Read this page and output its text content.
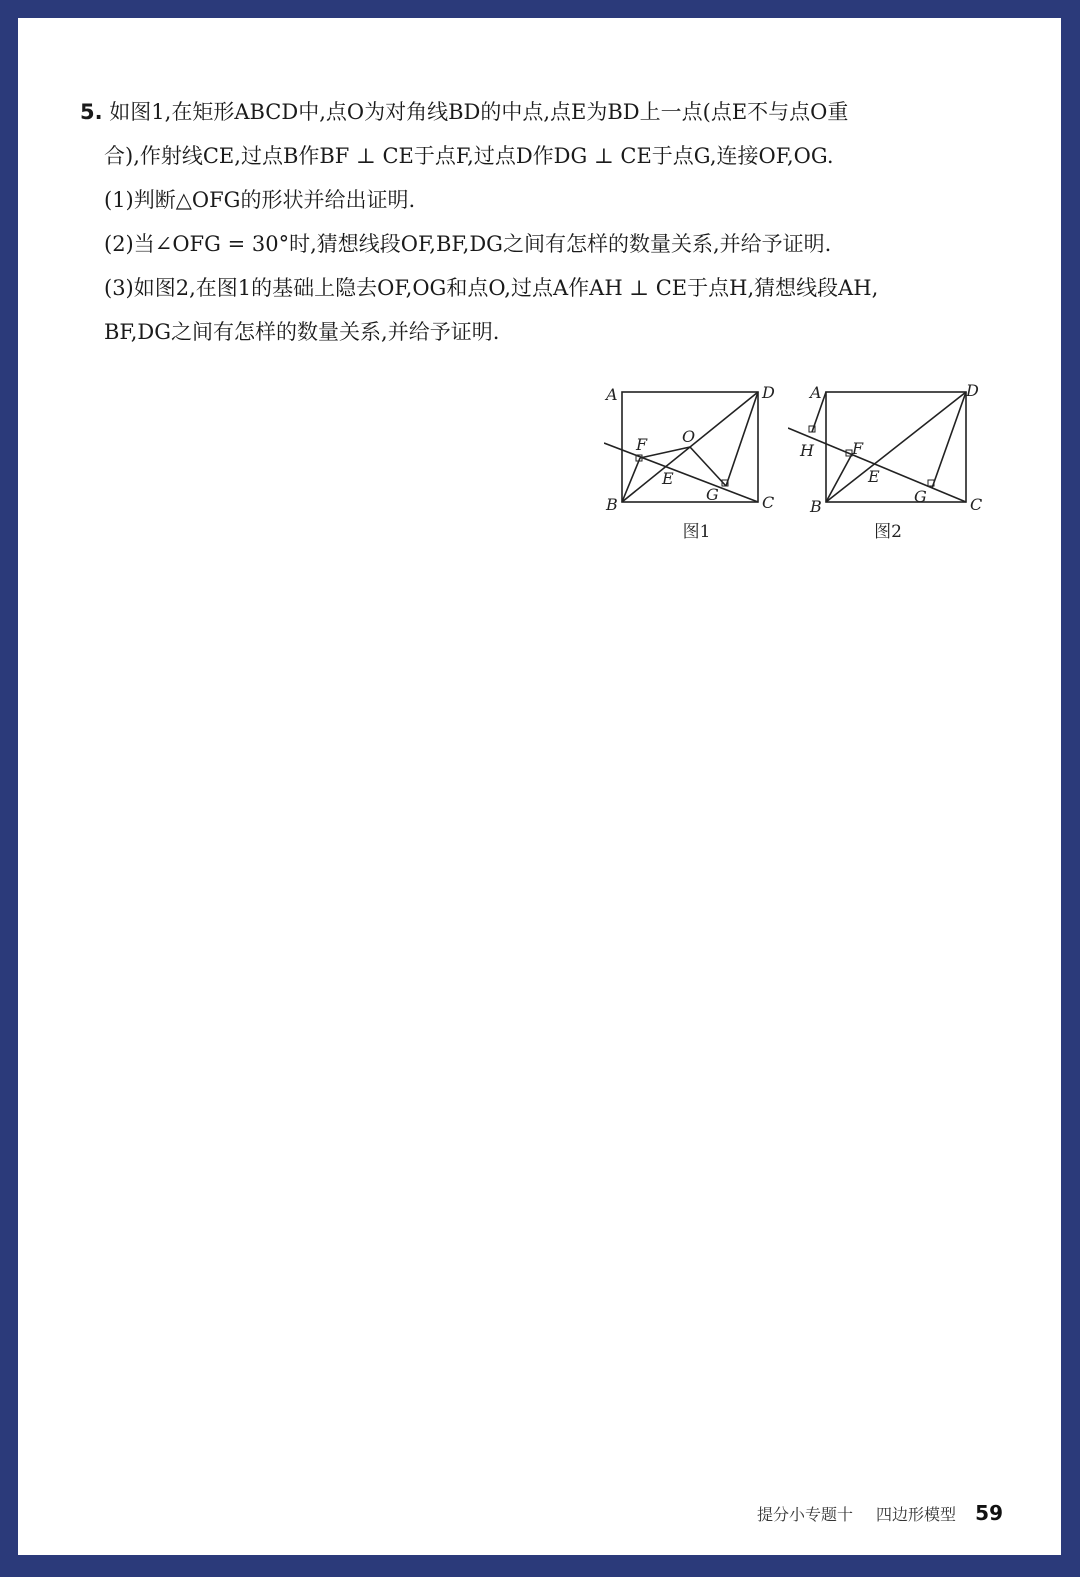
5. 如图1,在矩形ABCD中,点O为对角线BD的中点,点E为BD上一点(点E不与点O重
合),作射线CE,过点B作BF ⊥ CE于点F,过点D作DG ⊥ CE于点G,连接OF,OG.
(1)判断△OFG的形状并给出证明.
(2)当∠OFG = 30°时,猜想线段OF,BF,DG之间有怎样的数量关系,并给予证明.
(3)如图2,在图1的基础上隐去OF,OG和点O,过点A作AH ⊥ CE于点H,猜想线段AH,
BF,DG之间有怎样的数量关系,并给予证明.
A
B	C
D
O
E
F
G
图1
A
B	C
D
E
F
G
H
图2
提分小专题十 四边形模型 59
